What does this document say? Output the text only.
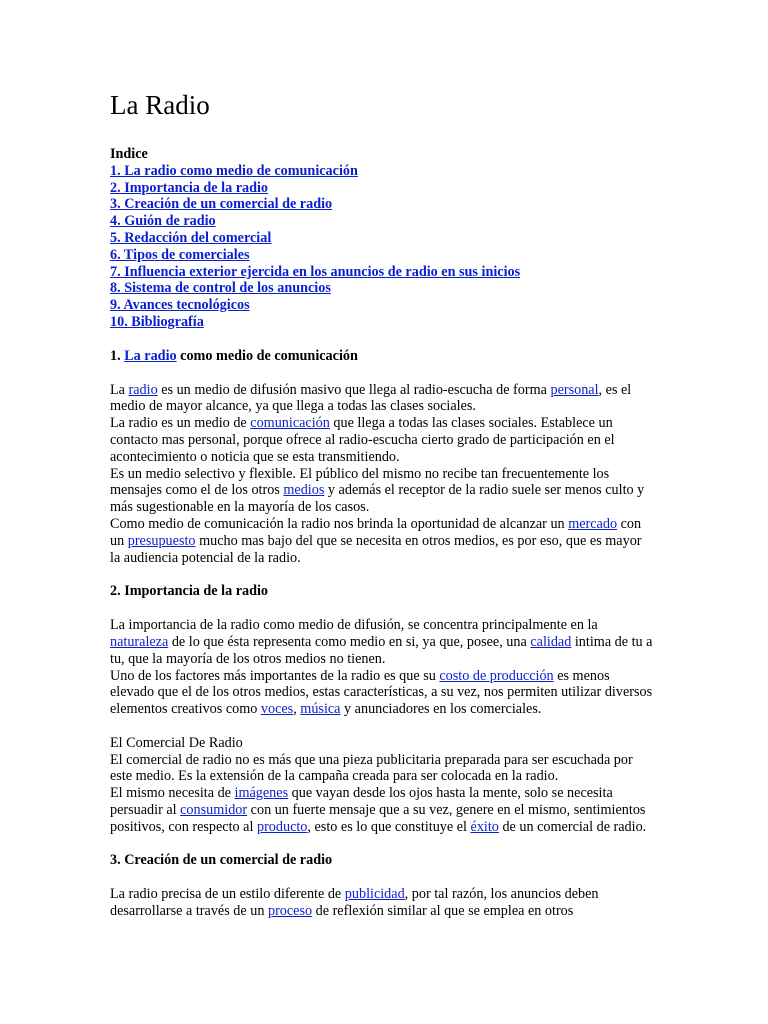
La Radio
Indice
1. La radio como medio de comunicación
2. Importancia de la radio
3. Creación de un comercial de radio
4. Guión de radio
5. Redacción del comercial
6. Tipos de comerciales
7. Influencia exterior ejercida en los anuncios de radio en sus inicios
8. Sistema de control de los anuncios
9. Avances tecnológicos
10. Bibliografía
1. La radio como medio de comunicación

La radio es un medio de difusión masivo que llega al radio-escucha de forma personal, es el medio de mayor alcance, ya que llega a todas las clases sociales.

La radio es un medio de comunicación que llega a todas las clases sociales. Establece un contacto mas personal, porque ofrece al radio-escucha cierto grado de participación en el acontecimiento o noticia que se esta transmitiendo.

Es un medio selectivo y flexible. El público del mismo no recibe tan frecuentemente los mensajes como el de los otros medios y además el receptor de la radio suele ser menos culto y más sugestionable en la mayoría de los casos.

Como medio de comunicación la radio nos brinda la oportunidad de alcanzar un mercado con un presupuesto mucho mas bajo del que se necesita en otros medios, es por eso, que es mayor la audiencia potencial de la radio.

2. Importancia de la radio

La importancia de la radio como medio de difusión, se concentra principalmente en la naturaleza de lo que ésta representa como medio en si, ya que, posee, una calidad intima de tu a tu, que la mayoría de los otros medios no tienen.

Uno de los factores más importantes de la radio es que su costo de producción es menos elevado que el de los otros medios, estas características, a su vez, nos permiten utilizar diversos elementos creativos como voces, música y anunciadores en los comerciales.

El Comercial De Radio

El comercial de radio no es más que una pieza publicitaria preparada para ser escuchada por este medio. Es la extensión de la campaña creada para ser colocada en la radio.

El mismo necesita de imágenes que vayan desde los ojos hasta la mente, solo se necesita persuadir al consumidor con un fuerte mensaje que a su vez, genere en el mismo, sentimientos positivos, con respecto al producto, esto es lo que constituye el éxito de un comercial de radio.

3. Creación de un comercial de radio

La radio precisa de un estilo diferente de publicidad, por tal razón, los anuncios deben desarrollarse a través de un proceso de reflexión similar al que se emplea en otros
